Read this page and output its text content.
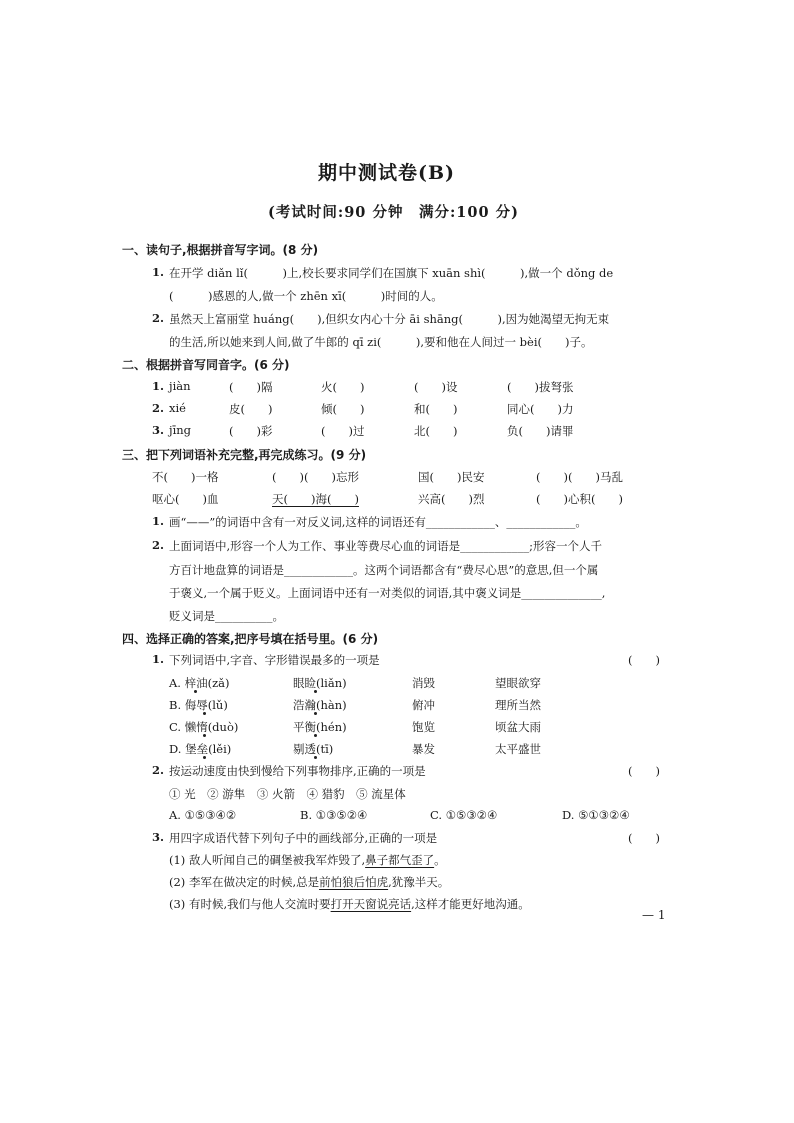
期中测试卷(B)
(考试时间:90 分钟　满分:100 分)
一、读句子,根据拼音写字词。(8 分)
1. 在开学 diǎn lǐ(　　　)上,校长要求同学们在国旗下 xuān shì(　　　),做一个 dǒng de
(　　　)感恩的人,做一个 zhēn xī(　　　)时间的人。
2. 虽然天上富丽堂 huáng(　　),但织女内心十分 āi shāng(　　　),因为她渴望无拘无束
的生活,所以她来到人间,做了牛郎的 qī zi(　　　),要和他在人间过一 bèi(　　)子。
二、根据拼音写同音字。(6 分)
1. jiàn	(　　)隔	火(　　)	(　　)设	(　　)拔弩张
2. xié	皮(　　)	倾(　　)	和(　　)	同心(　　)力
3. jīng	(　　)彩	(　　)过	北(　　)	负(　　)请罪
三、把下列词语补充完整,再完成练习。(9 分)
不(　　)一格	(　　)(　　)忘形	国(　　)民安	(　　)(　　)马乱
呕心(　　)血	天(　　)海(　　)	兴高(　　)烈	(　　)心积(　　)
1. 画“——”的词语中含有一对反义词,这样的词语还有____________、____________。
2. 上面词语中,形容一个人为工作、事业等费尽心血的词语是____________;形容一个人千
方百计地盘算的词语是____________。这两个词语都含有“费尽心思”的意思,但一个属
于褒义,一个属于贬义。上面词语中还有一对类似的词语,其中褒义词是______________,
贬义词是__________。
四、选择正确的答案,把序号填在括号里。(6 分)
1. 下列词语中,字音、字形错误最多的一项是	(　　)
A. 梓油(zǎ)	眼睑(liǎn)	消毁	望眼欲穿
B. 侮辱(lǔ)	浩瀚(hàn)	俯冲	理所当然
C. 懒惰(duò)	平衡(hén)	饱览	顷盆大雨
D. 堡垒(lěi)	剔透(tī)	暴发	太平盛世
2. 按运动速度由快到慢给下列事物排序,正确的一项是	(　　)
① 光　② 游隼　③ 火箭　④ 猎豹　⑤ 流星体
A. ①⑤③④②	B. ①③⑤②④	C. ①⑤③②④	D. ⑤①③②④
3. 用四字成语代替下列句子中的画线部分,正确的一项是	(　　)
(1) 敌人听闻自己的碉堡被我军炸毁了,鼻子都气歪了。
(2) 李军在做决定的时候,总是前怕狼后怕虎,犹豫半天。
(3) 有时候,我们与他人交流时要打开天窗说亮话,这样才能更好地沟通。
— 1
